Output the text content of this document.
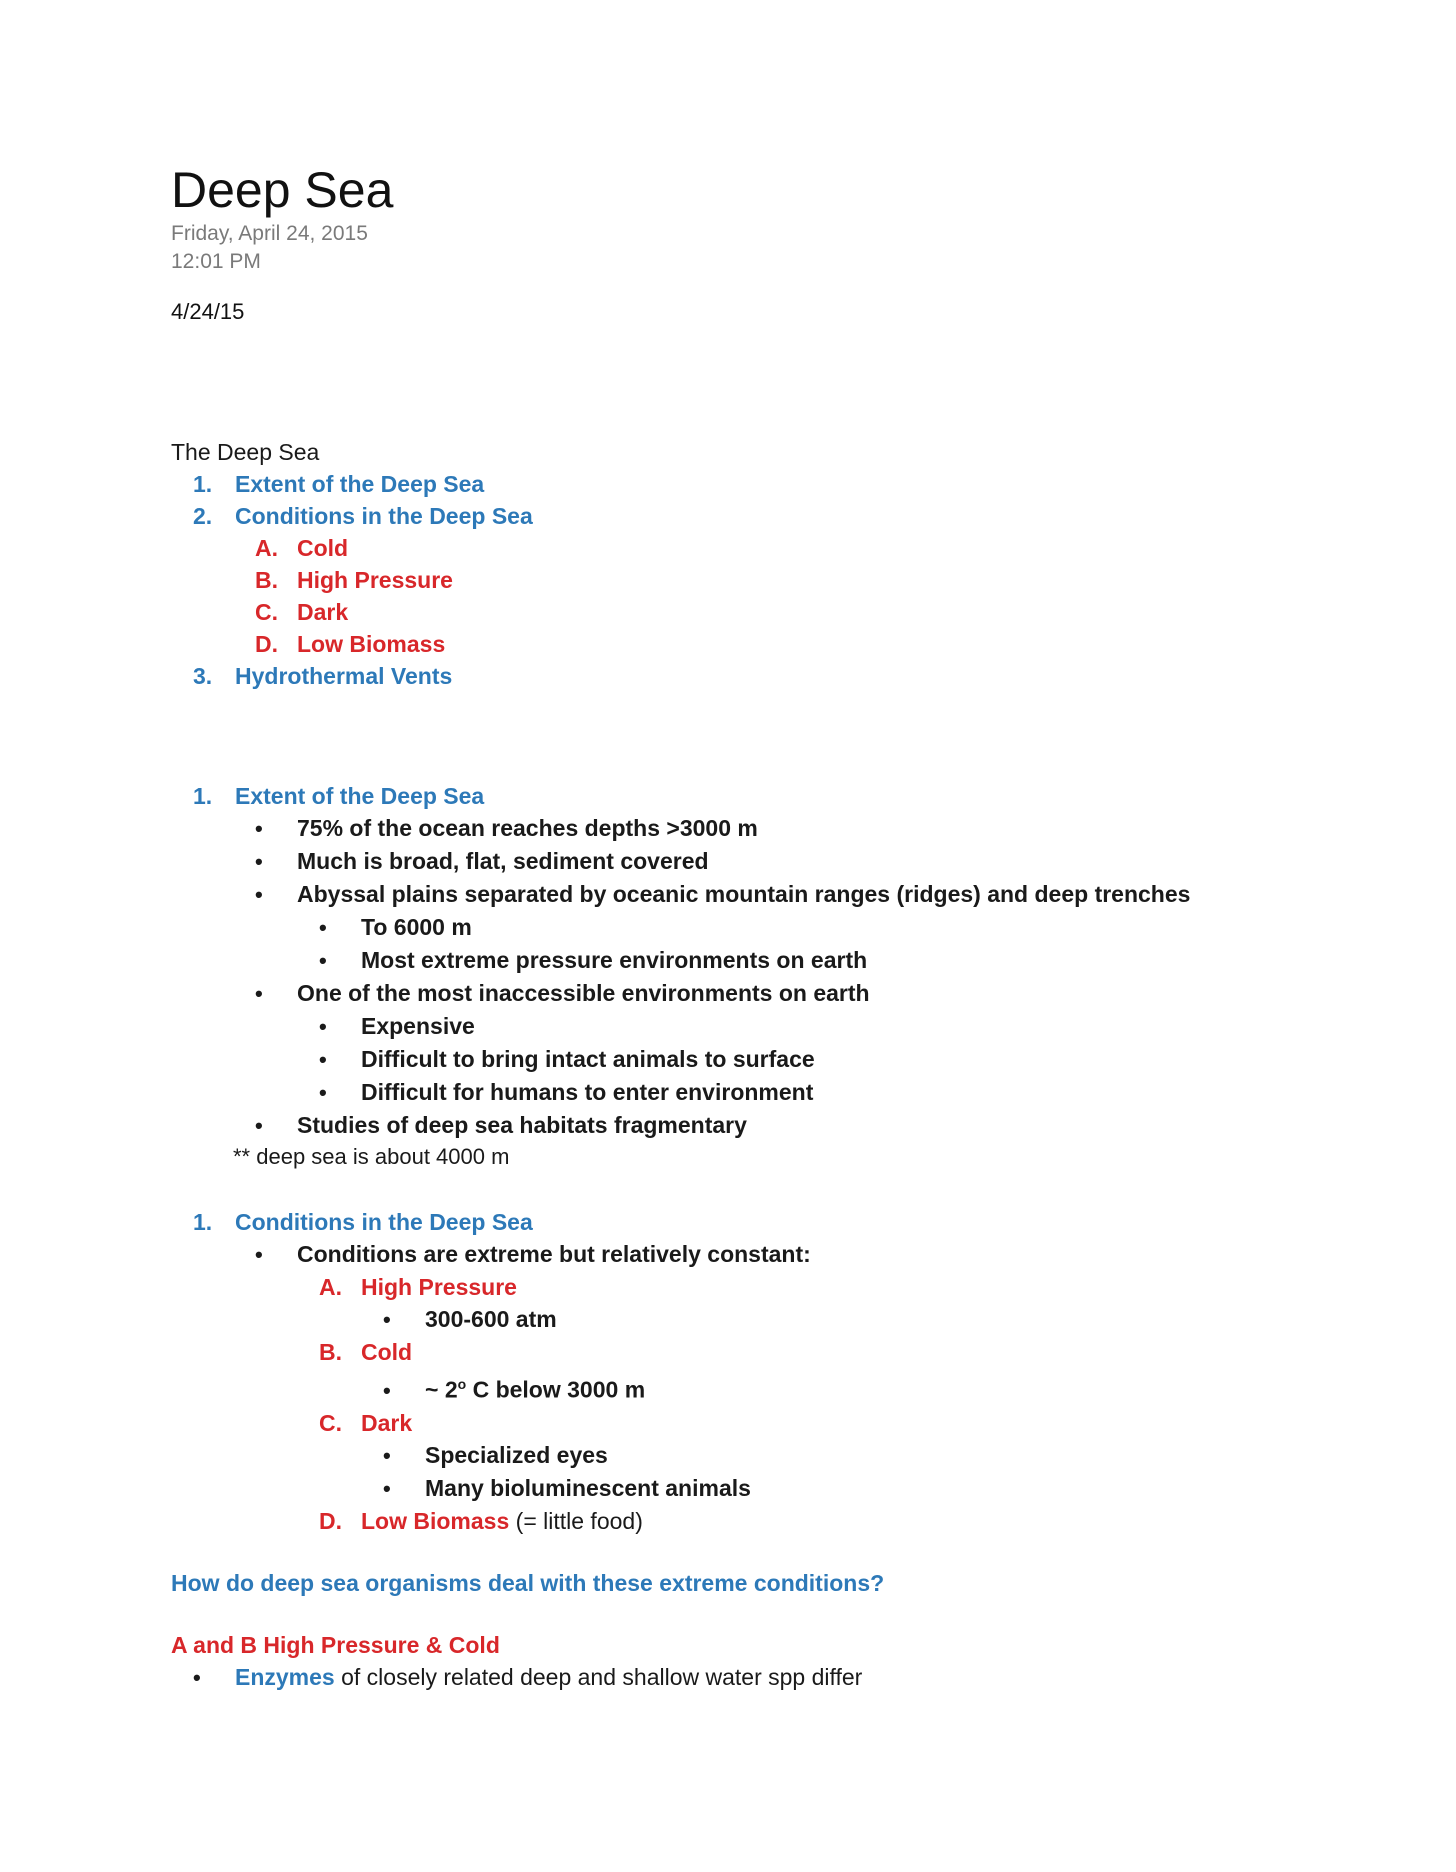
Deep Sea
Friday, April 24, 2015
12:01 PM
4/24/15
The Deep Sea
1. Extent of the Deep Sea
2. Conditions in the Deep Sea
A. Cold
B. High Pressure
C. Dark
D. Low Biomass
3. Hydrothermal Vents
1. Extent of the Deep Sea
•	75% of the ocean reaches depths >3000 m
•	Much is broad, flat, sediment covered
•	Abyssal plains separated by oceanic mountain ranges (ridges) and deep trenches
•	To 6000 m
•	Most extreme pressure environments on earth
•	One of the most inaccessible environments on earth
•	Expensive
•	Difficult to bring intact animals to surface
•	Difficult for humans to enter environment
•	Studies of deep sea habitats fragmentary
** deep sea is about 4000 m
1. Conditions in the Deep Sea
•	Conditions are extreme but relatively constant:
A. High Pressure
•	300-600 atm
B. Cold
•	~ 2$^o$ C below 3000 m
C. Dark
•	Specialized eyes
•	Many bioluminescent animals
D. Low Biomass (= little food)
How do deep sea organisms deal with these extreme conditions?
A and B High Pressure & Cold
•	Enzymes of closely related deep and shallow water spp differ
